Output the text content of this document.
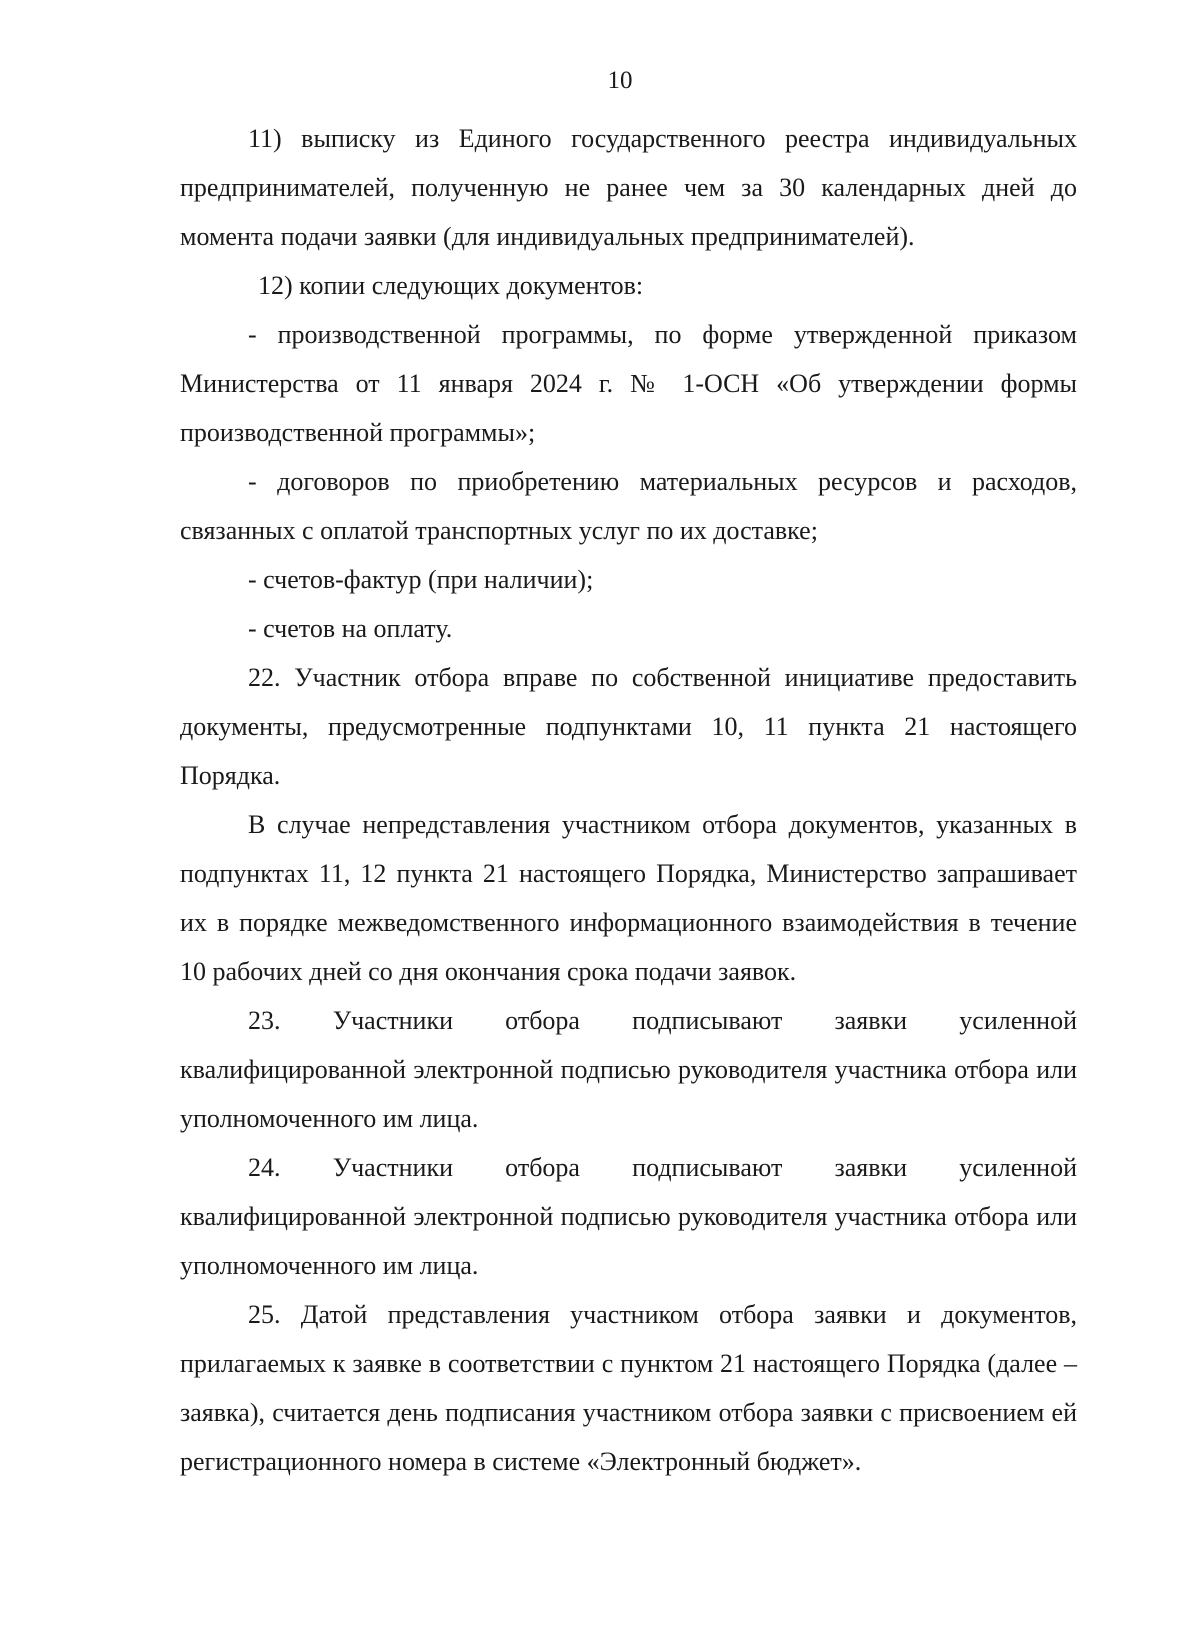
10

11) выписку из Единого государственного реестра индивидуальных предпринимателей, полученную не ранее чем за 30 календарных дней до момента подачи заявки (для индивидуальных предпринимателей).

12) копии следующих документов:

- производственной программы, по форме утвержденной приказом Министерства от 11 января 2024 г. № 1-ОСН «Об утверждении формы производственной программы»;

- договоров по приобретению материальных ресурсов и расходов, связанных с оплатой транспортных услуг по их доставке;

- счетов-фактур (при наличии);

- счетов на оплату.

22. Участник отбора вправе по собственной инициативе предоставить документы, предусмотренные подпунктами 10, 11 пункта 21 настоящего Порядка.

В случае непредставления участником отбора документов, указанных в подпунктах 11, 12 пункта 21 настоящего Порядка, Министерство запрашивает их в порядке межведомственного информационного взаимодействия в течение 10 рабочих дней со дня окончания срока подачи заявок.

23. Участники отбора подписывают заявки усиленной квалифицированной электронной подписью руководителя участника отбора или уполномоченного им лица.

24. Участники отбора подписывают заявки усиленной квалифицированной электронной подписью руководителя участника отбора или уполномоченного им лица.

25. Датой представления участником отбора заявки и документов, прилагаемых к заявке в соответствии с пунктом 21 настоящего Порядка (далее – заявка), считается день подписания участником отбора заявки с присвоением ей регистрационного номера в системе «Электронный бюджет».
